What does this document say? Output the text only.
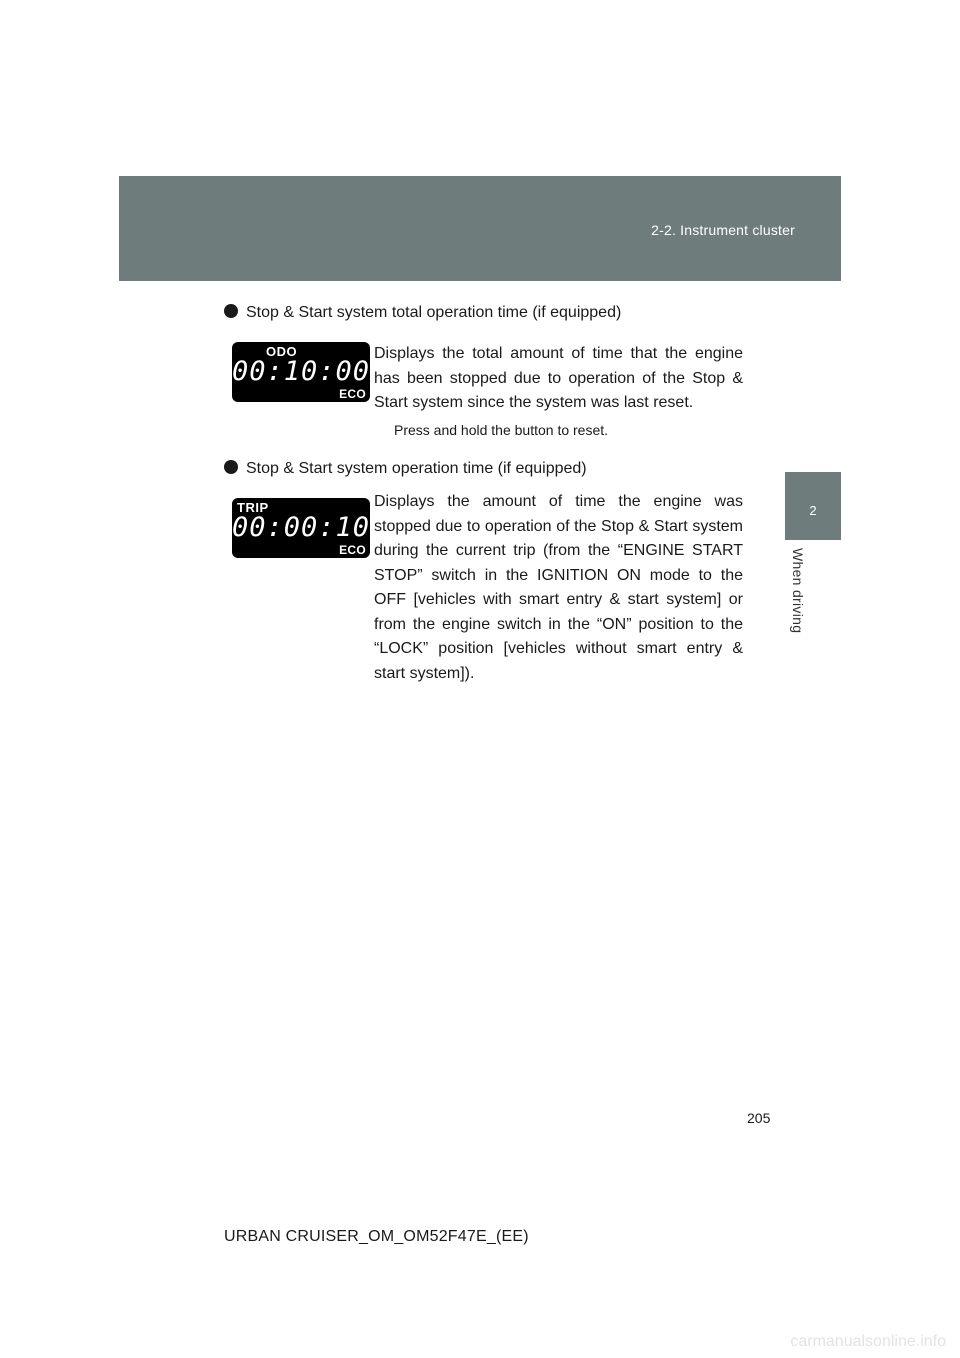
2-2. Instrument cluster
2
When driving
Stop & Start system total operation time (if equipped)
ODO
00:10:00
ECO
Displays the total amount of time that the engine has been stopped due to operation of the Stop & Start system since the system was last reset.
Press and hold the button to reset.
Stop & Start system operation time (if equipped)
TRIP
00:00:10
ECO
Displays the amount of time the engine was stopped due to operation of the Stop & Start system during the current trip (from the “ENGINE START STOP” switch in the IGNITION ON mode to the OFF [vehicles with smart entry & start system] or from the engine switch in the “ON” position to the “LOCK” position [vehicles without smart entry & start system]).
205
URBAN CRUISER_OM_OM52F47E_(EE)
carmanualsonline.info
